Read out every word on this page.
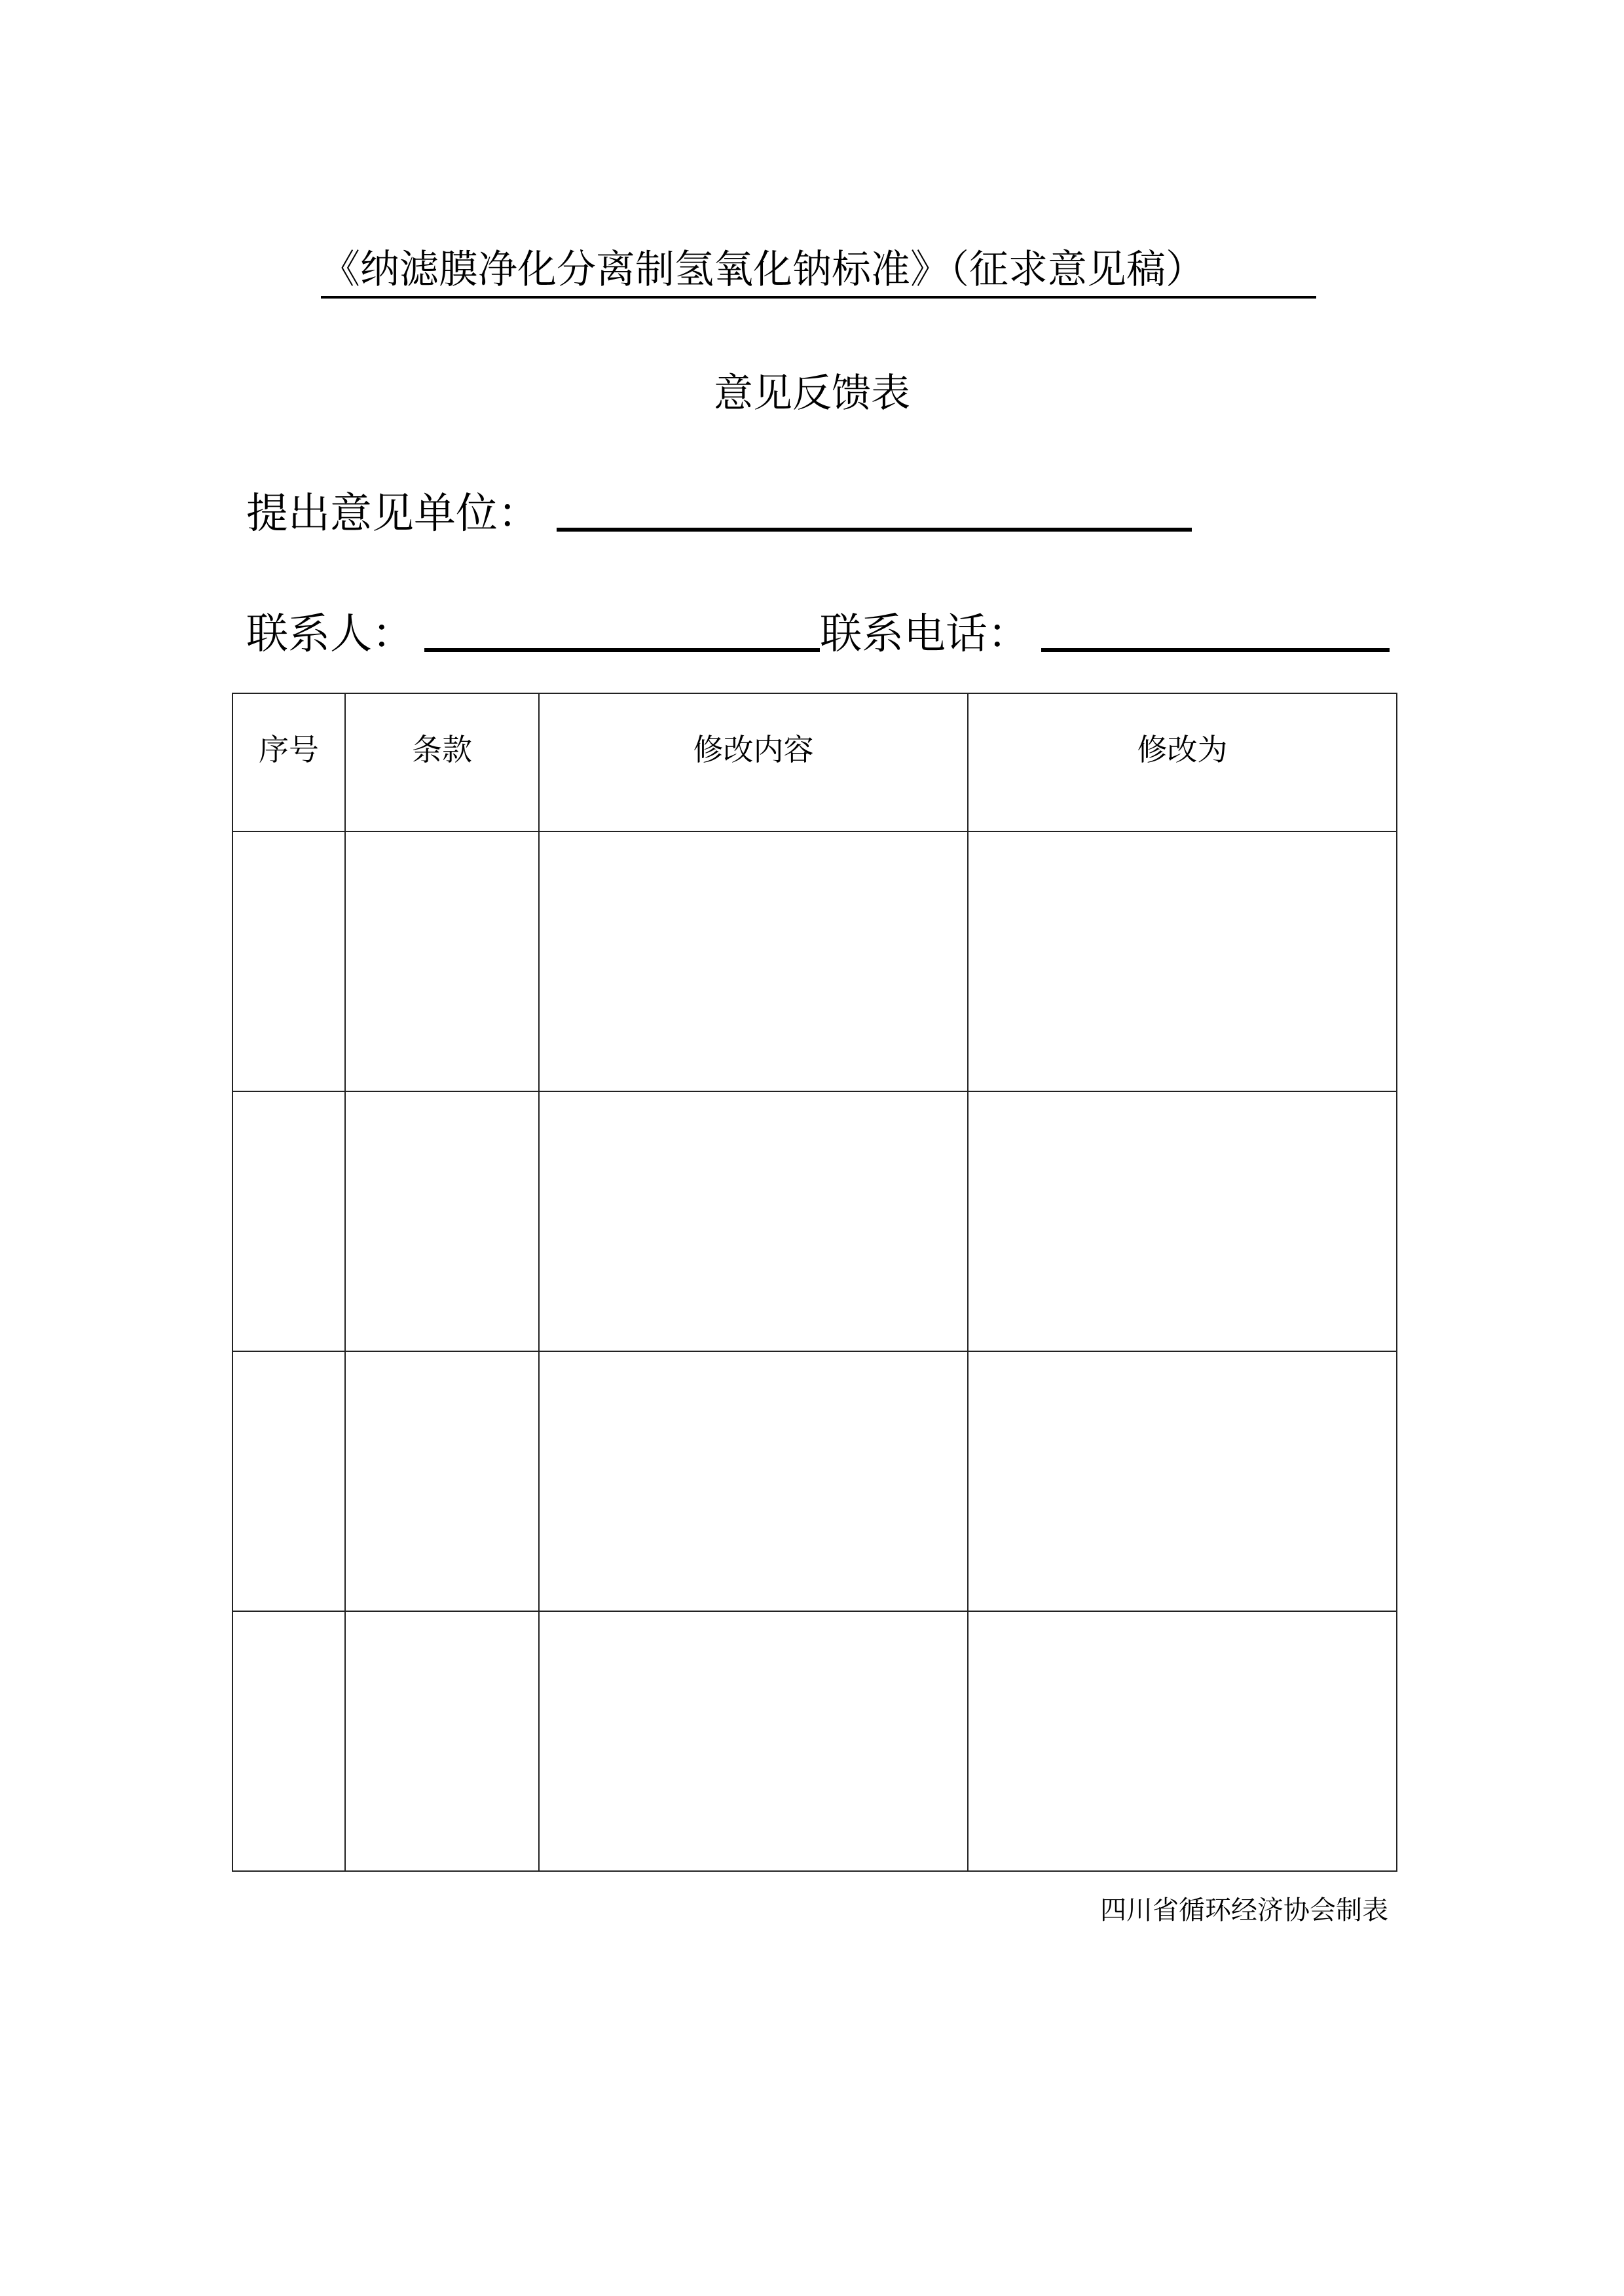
《纳滤膜净化分离制氢氧化钠标准》（征求意见稿）
意见反馈表
提出意见单位：
联系人：	联系电话：
序号	条款	修改内容	修改为

四川省循环经济协会制表
